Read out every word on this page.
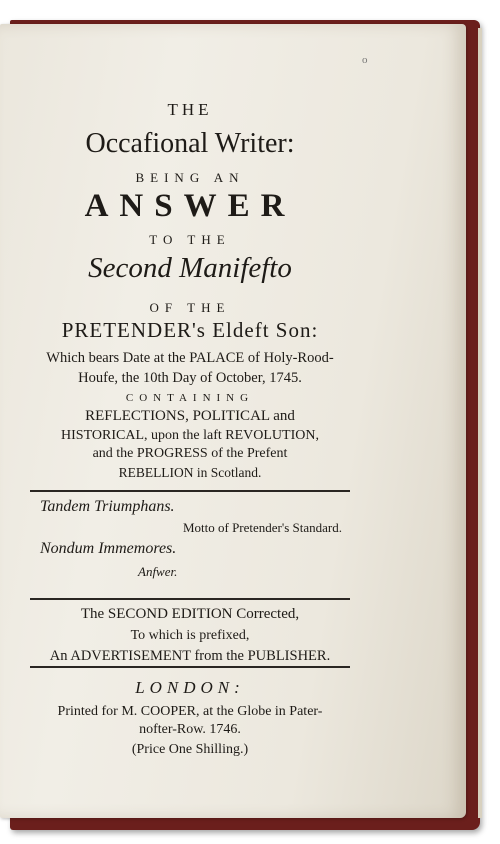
o
THE
Occafional Writer:
BEING AN
ANSWER
TO THE
Second Manifefto
OF THE
PRETENDER's Eldeft Son:
Which bears Date at the PALACE of Holy-Rood-
Houfe, the 10th Day of October, 1745.
CONTAINING
REFLECTIONS, POLITICAL and
HISTORICAL, upon the laft REVOLUTION,
and the PROGRESS of the Prefent
REBELLION in Scotland.
Tandem Triumphans.
Motto of Pretender's Standard.
Nondum Immemores.
Anfwer.
The SECOND EDITION Corrected,
To which is prefixed,
An ADVERTISEMENT from the PUBLISHER.
LONDON:
Printed for M. COOPER, at the Globe in Pater-
nofter-Row. 1746.
(Price One Shilling.)
